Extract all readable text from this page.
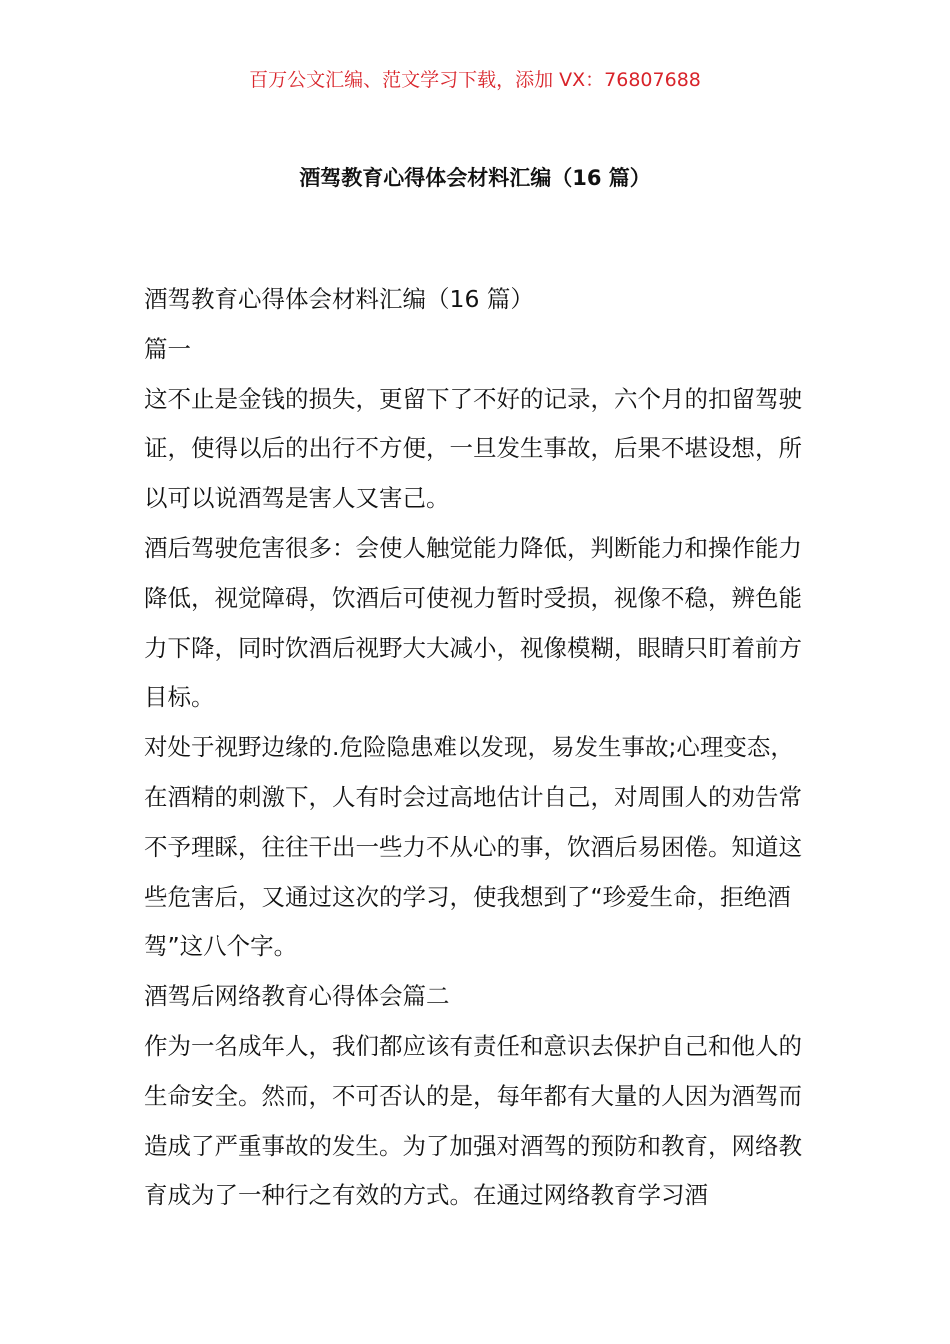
百万公文汇编、范文学习下载，添加 VX：76807688
酒驾教育心得体会材料汇编（16 篇）

酒驾教育心得体会材料汇编（16 篇）

篇一

这不止是金钱的损失，更留下了不好的记录，六个月的扣留驾驶证，使得以后的出行不方便，一旦发生事故，后果不堪设想，所以可以说酒驾是害人又害己。

酒后驾驶危害很多：会使人触觉能力降低，判断能力和操作能力降低，视觉障碍，饮酒后可使视力暂时受损，视像不稳，辨色能力下降，同时饮酒后视野大大减小，视像模糊，眼睛只盯着前方目标。

对处于视野边缘的.危险隐患难以发现，易发生事故;心理变态，在酒精的刺激下，人有时会过高地估计自己，对周围人的劝告常不予理睬，往往干出一些力不从心的事，饮酒后易困倦。知道这些危害后，又通过这次的学习，使我想到了“珍爱生命，拒绝酒驾”这八个字。

酒驾后网络教育心得体会篇二

作为一名成年人，我们都应该有责任和意识去保护自己和他人的生命安全。然而，不可否认的是，每年都有大量的人因为酒驾而造成了严重事故的发生。为了加强对酒驾的预防和教育，网络教育成为了一种行之有效的方式。在通过网络教育学习酒
